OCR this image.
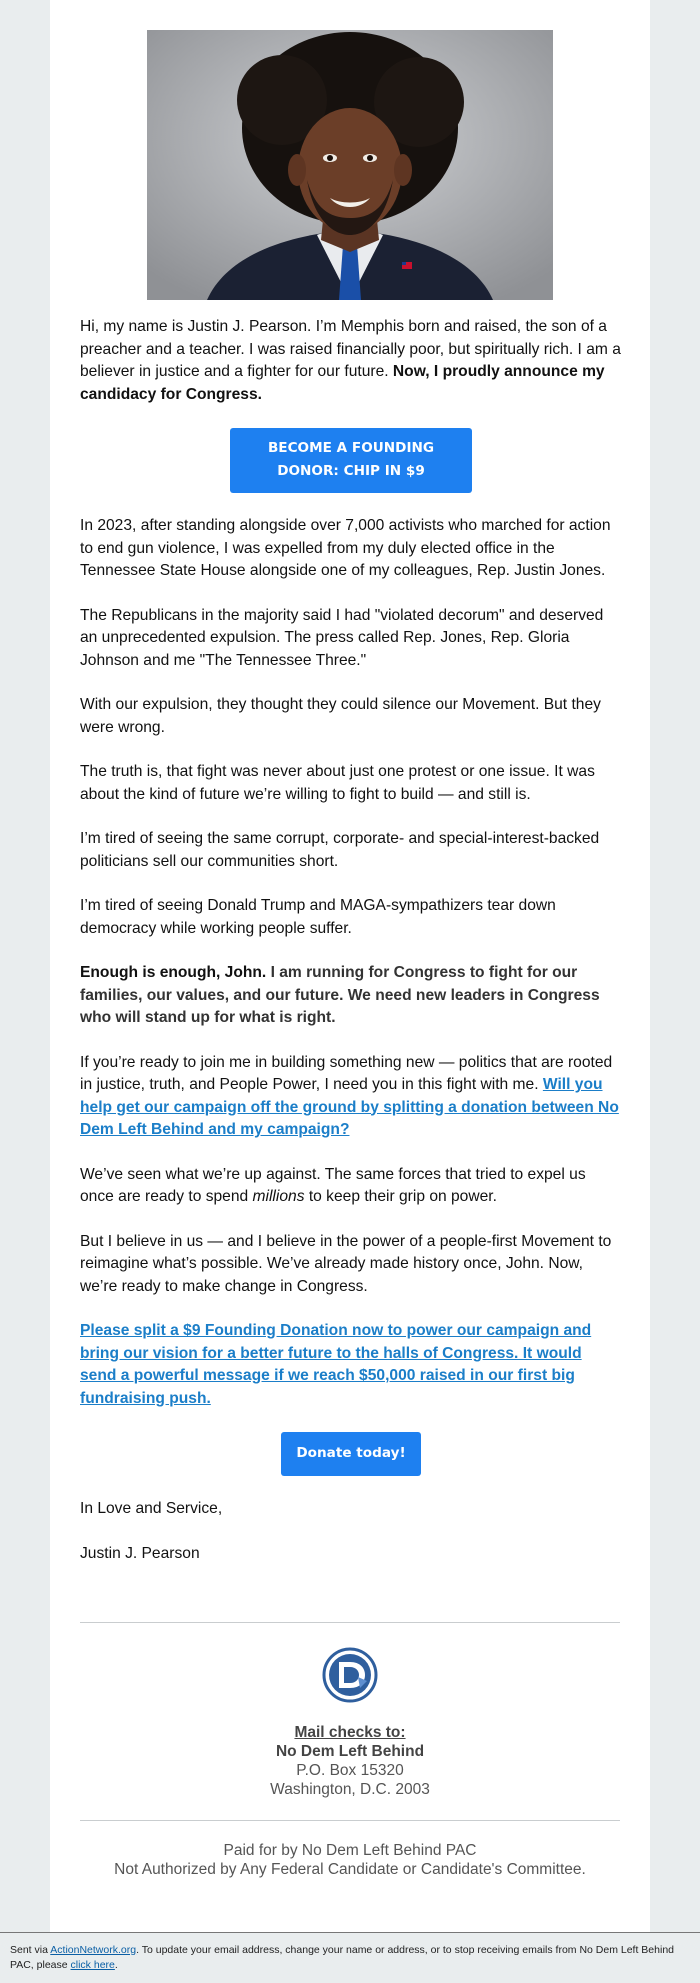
Hi, my name is Justin J. Pearson. I’m Memphis born and raised, the son of a preacher and a teacher. I was raised financially poor, but spiritually rich. I am a believer in justice and a fighter for our future. Now, I proudly announce my candidacy for Congress.

BECOME A FOUNDING
DONOR: CHIP IN $9

In 2023, after standing alongside over 7,000 activists who marched for action to end gun violence, I was expelled from my duly elected office in the Tennessee State House alongside one of my colleagues, Rep. Justin Jones.

The Republicans in the majority said I had "violated decorum" and deserved an unprecedented expulsion. The press called Rep. Jones, Rep. Gloria Johnson and me "The Tennessee Three."

With our expulsion, they thought they could silence our Movement. But they were wrong.

The truth is, that fight was never about just one protest or one issue. It was about the kind of future we’re willing to fight to build — and still is.

I’m tired of seeing the same corrupt, corporate- and special-interest-backed politicians sell our communities short.

I’m tired of seeing Donald Trump and MAGA-sympathizers tear down democracy while working people suffer.

Enough is enough, John. I am running for Congress to fight for our families, our values, and our future. We need new leaders in Congress who will stand up for what is right.

If you’re ready to join me in building something new — politics that are rooted in justice, truth, and People Power, I need you in this fight with me. Will you help get our campaign off the ground by splitting a donation between No Dem Left Behind and my campaign?

We’ve seen what we’re up against. The same forces that tried to expel us once are ready to spend millions to keep their grip on power.

But I believe in us — and I believe in the power of a people-first Movement to reimagine what’s possible. We’ve already made history once, John. Now, we’re ready to make change in Congress.

Please split a $9 Founding Donation now to power our campaign and bring our vision for a better future to the halls of Congress. It would send a powerful message if we reach $50,000 raised in our first big fundraising push.

Donate today!

In Love and Service,

Justin J. Pearson

Mail checks to:
No Dem Left Behind
P.O. Box 15320
Washington, D.C. 2003
Paid for by No Dem Left Behind PAC
Not Authorized by Any Federal Candidate or Candidate's Committee.
Sent via ActionNetwork.org. To update your email address, change your name or address, or to stop receiving emails from No Dem Left Behind PAC, please click here.
